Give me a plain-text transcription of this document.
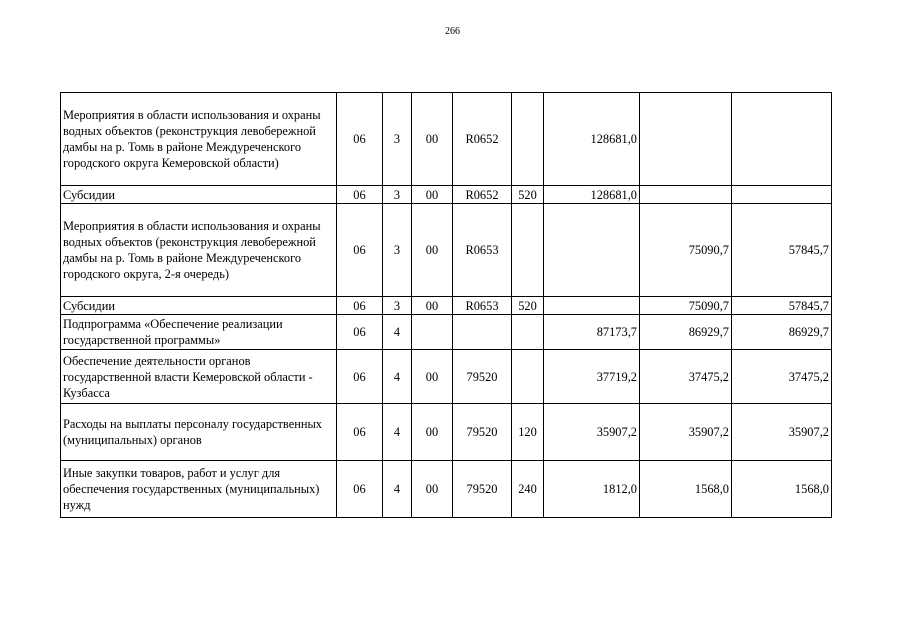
266
Мероприятия в области использования и охраны водных объектов (реконструкция левобережной дамбы на р. Томь в районе Междуреченского городского округа Кемеровской области)	06	3	00	R0652		128681,0		
Субсидии	06	3	00	R0652	520	128681,0		
Мероприятия в области использования и охраны водных объектов (реконструкция левобережной дамбы на р. Томь в районе Междуреченского городского округа, 2-я очередь)	06	3	00	R0653			75090,7	57845,7
Субсидии	06	3	00	R0653	520		75090,7	57845,7
Подпрограмма «Обеспечение реализации государственной программы»	06	4				87173,7	86929,7	86929,7
Обеспечение деятельности органов государственной власти Кемеровской области - Кузбасса	06	4	00	79520		37719,2	37475,2	37475,2
Расходы на выплаты персоналу государственных (муниципальных) органов	06	4	00	79520	120	35907,2	35907,2	35907,2
Иные закупки товаров, работ и услуг для обеспечения государственных (муниципальных) нужд	06	4	00	79520	240	1812,0	1568,0	1568,0
